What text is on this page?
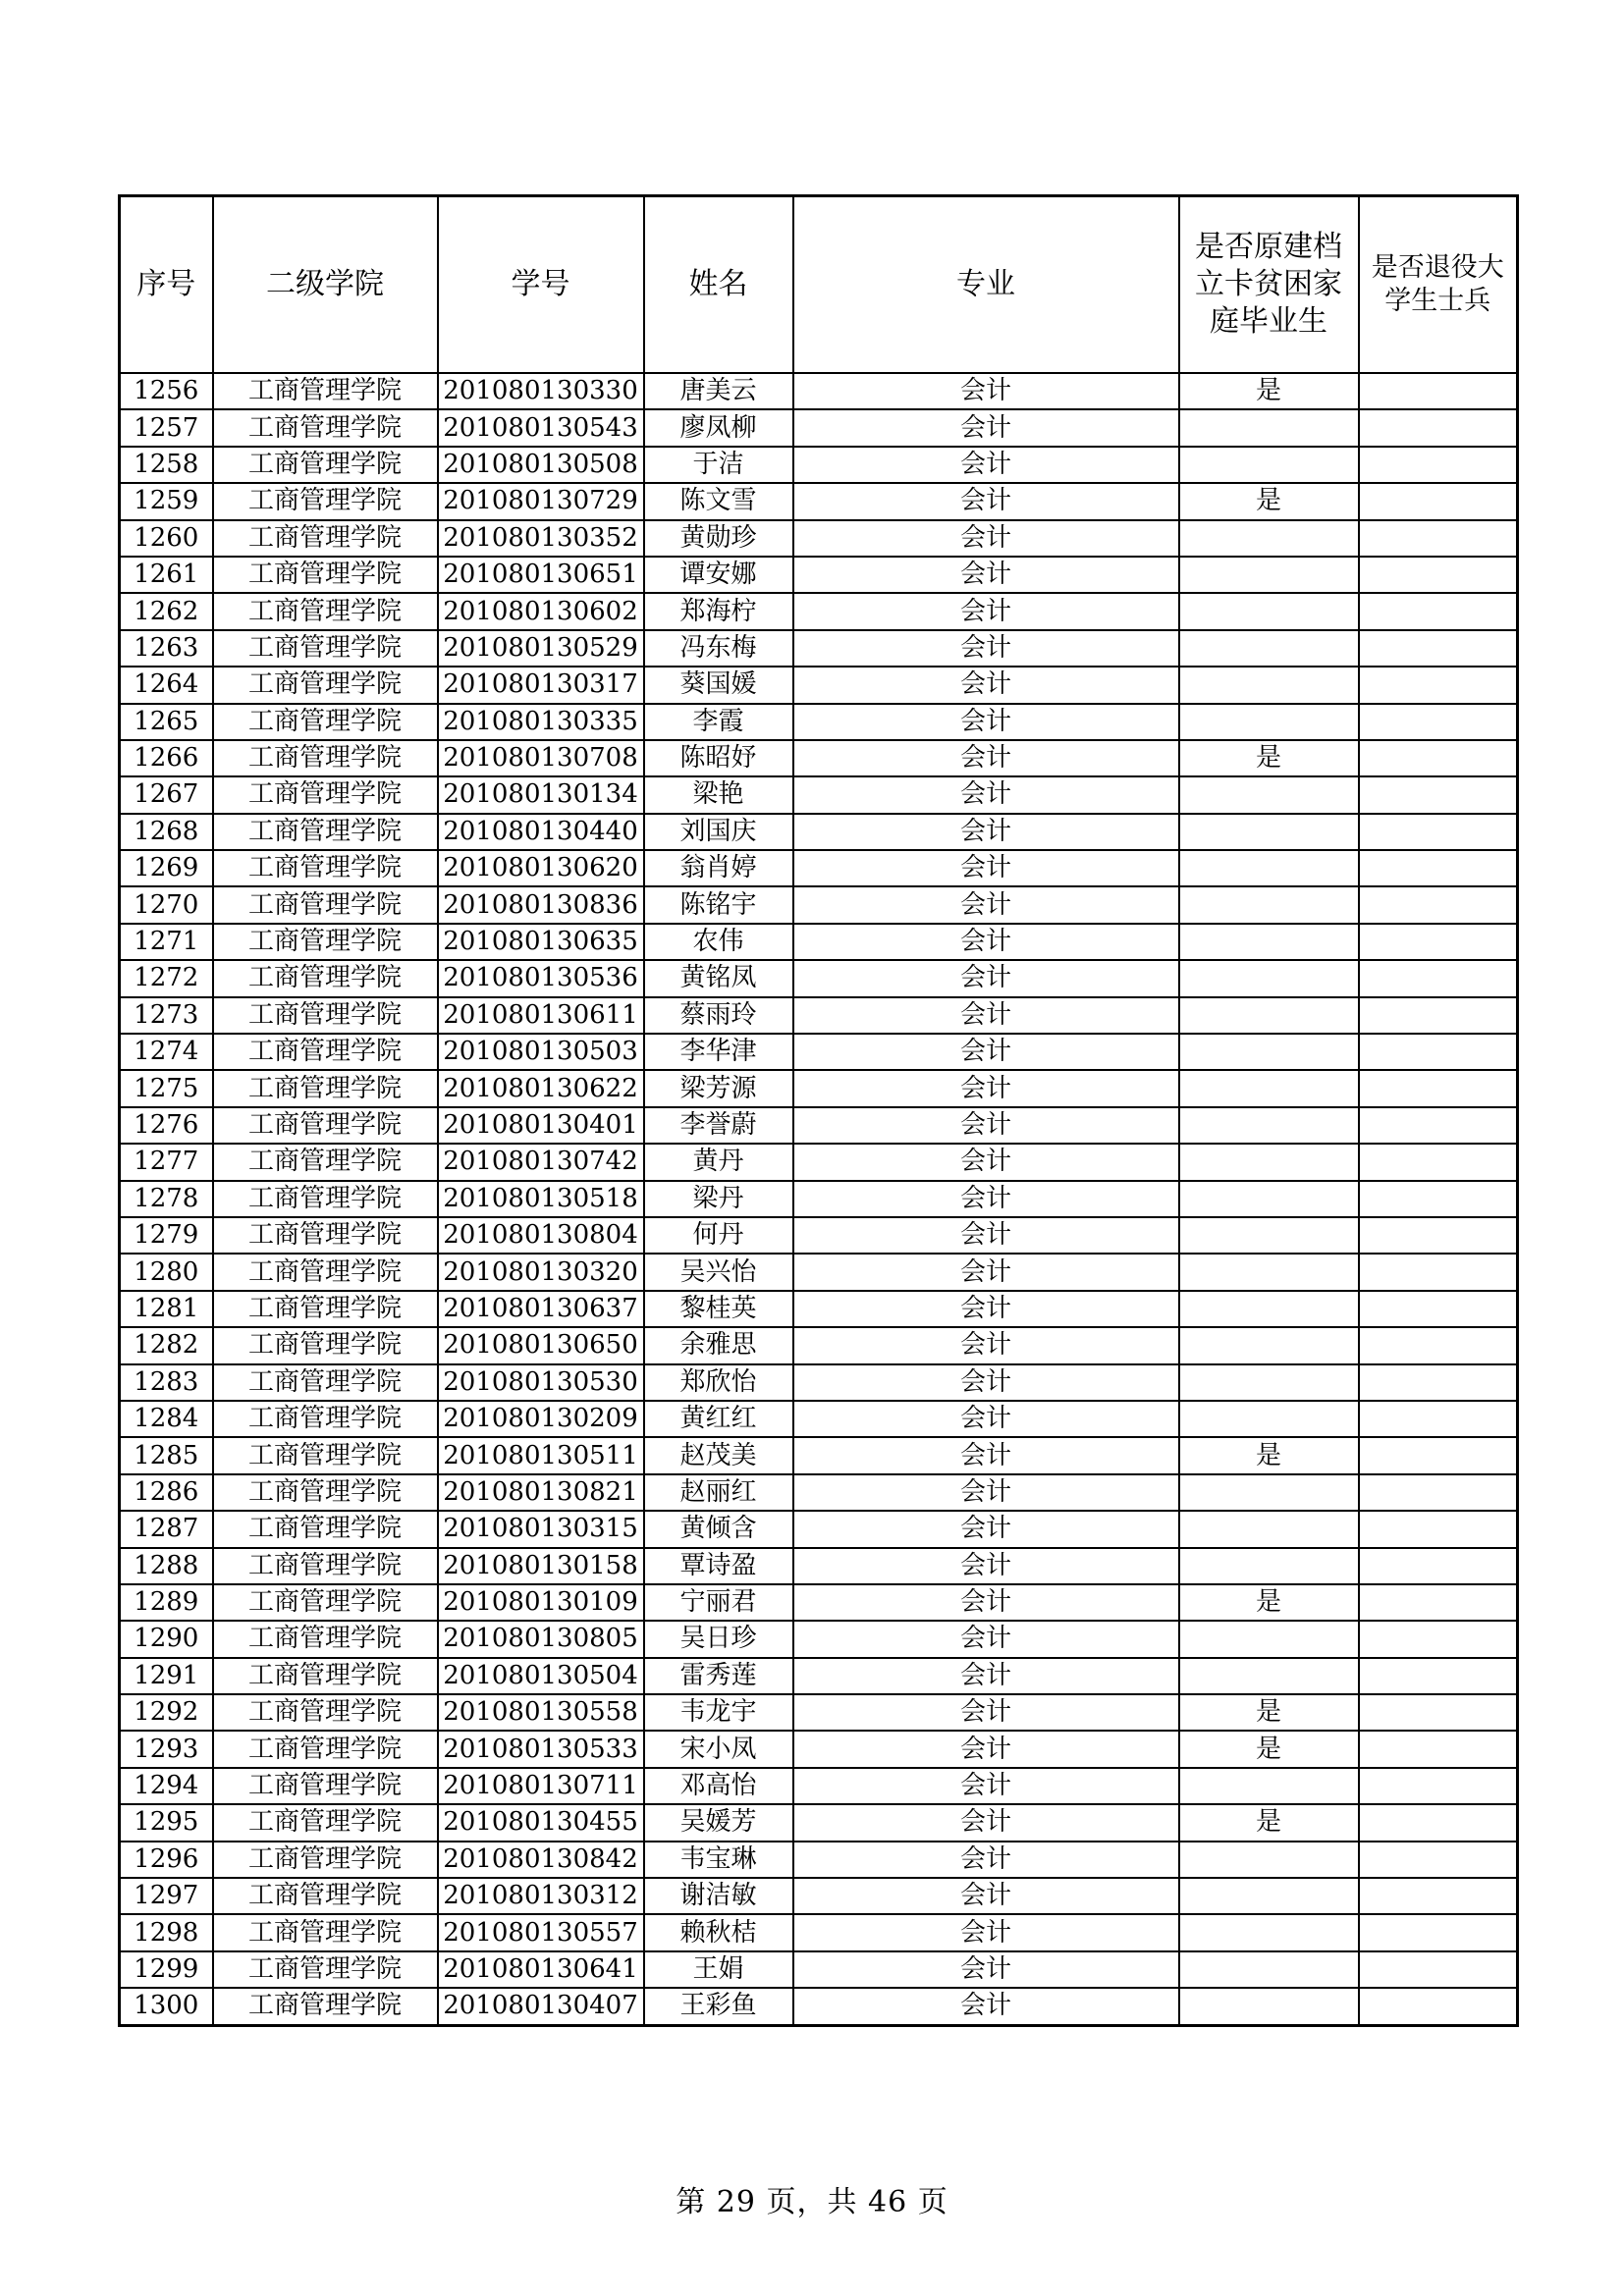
序号	二级学院	学号	姓名	专业	是否原建档立卡贫困家庭毕业生	是否退役大学生士兵
1256	工商管理学院	201080130330	唐美云	会计	是	
1257	工商管理学院	201080130543	廖凤柳	会计		
1258	工商管理学院	201080130508	于洁	会计		
1259	工商管理学院	201080130729	陈文雪	会计	是	
1260	工商管理学院	201080130352	黄勋珍	会计		
1261	工商管理学院	201080130651	谭安娜	会计		
1262	工商管理学院	201080130602	郑海柠	会计		
1263	工商管理学院	201080130529	冯东梅	会计		
1264	工商管理学院	201080130317	葵国媛	会计		
1265	工商管理学院	201080130335	李霞	会计		
1266	工商管理学院	201080130708	陈昭妤	会计	是	
1267	工商管理学院	201080130134	梁艳	会计		
1268	工商管理学院	201080130440	刘国庆	会计		
1269	工商管理学院	201080130620	翁肖婷	会计		
1270	工商管理学院	201080130836	陈铭宇	会计		
1271	工商管理学院	201080130635	农伟	会计		
1272	工商管理学院	201080130536	黄铭凤	会计		
1273	工商管理学院	201080130611	蔡雨玲	会计		
1274	工商管理学院	201080130503	李华津	会计		
1275	工商管理学院	201080130622	梁芳源	会计		
1276	工商管理学院	201080130401	李誉蔚	会计		
1277	工商管理学院	201080130742	黄丹	会计		
1278	工商管理学院	201080130518	梁丹	会计		
1279	工商管理学院	201080130804	何丹	会计		
1280	工商管理学院	201080130320	吴兴怡	会计		
1281	工商管理学院	201080130637	黎桂英	会计		
1282	工商管理学院	201080130650	余雅思	会计		
1283	工商管理学院	201080130530	郑欣怡	会计		
1284	工商管理学院	201080130209	黄红红	会计		
1285	工商管理学院	201080130511	赵茂美	会计	是	
1286	工商管理学院	201080130821	赵丽红	会计		
1287	工商管理学院	201080130315	黄倾含	会计		
1288	工商管理学院	201080130158	覃诗盈	会计		
1289	工商管理学院	201080130109	宁丽君	会计	是	
1290	工商管理学院	201080130805	吴日珍	会计		
1291	工商管理学院	201080130504	雷秀莲	会计		
1292	工商管理学院	201080130558	韦龙宇	会计	是	
1293	工商管理学院	201080130533	宋小凤	会计	是	
1294	工商管理学院	201080130711	邓高怡	会计		
1295	工商管理学院	201080130455	吴媛芳	会计	是	
1296	工商管理学院	201080130842	韦宝琳	会计		
1297	工商管理学院	201080130312	谢洁敏	会计		
1298	工商管理学院	201080130557	赖秋桔	会计		
1299	工商管理学院	201080130641	王娟	会计		
1300	工商管理学院	201080130407	王彩鱼	会计		
第 29 页，共 46 页
